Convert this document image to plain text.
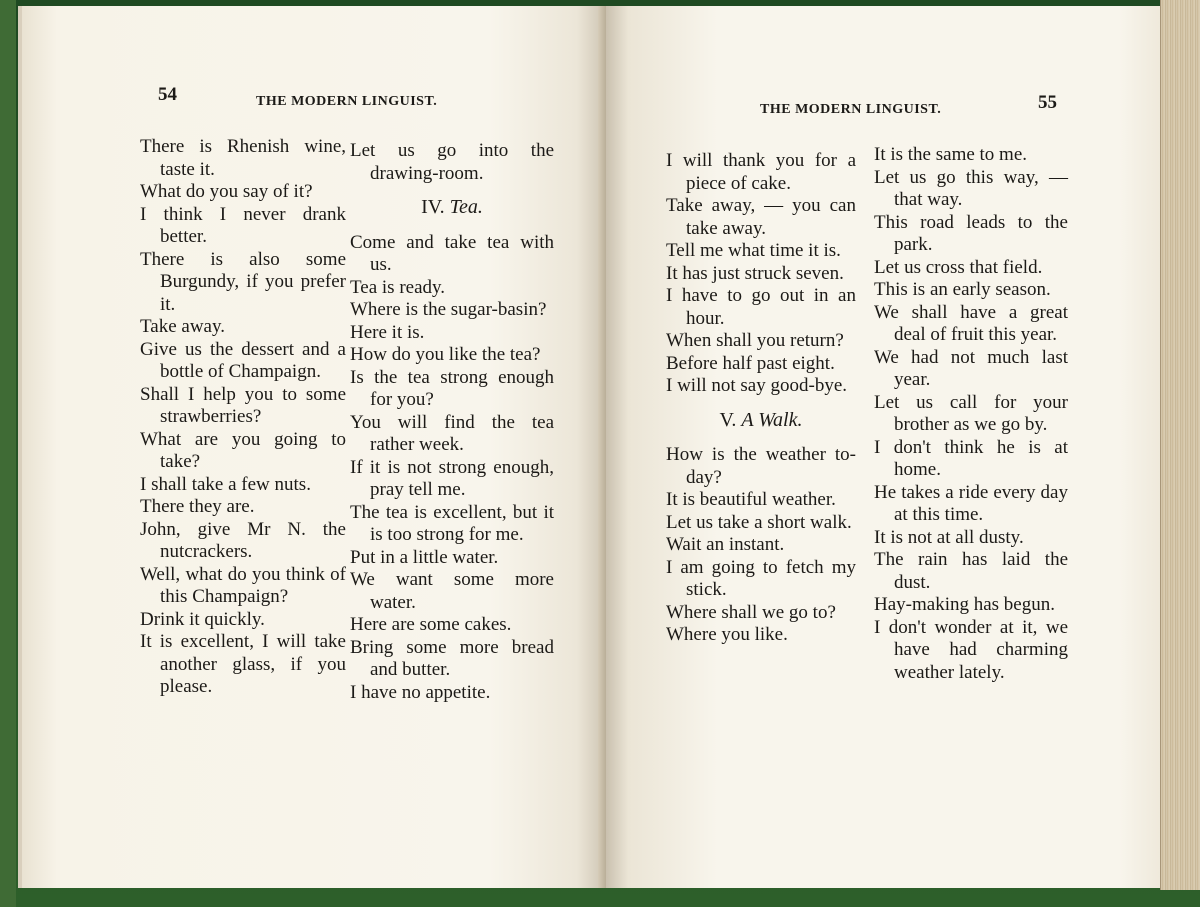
54	THE MODERN LINGUIST.

There is Rhenish wine, taste it.

What do you say of it?

I think I never drank better.

There is also some Burgundy, if you prefer it.

Take away.

Give us the dessert and a bottle of Champaign.

Shall I help you to some strawberries?

What are you going to take?

I shall take a few nuts.

There they are.

John, give Mr N. the nutcrackers.

Well, what do you think of this Champaign?

Drink it quickly.

It is excellent, I will take another glass, if you please.

Let us go into the drawing-room.

IV. Tea.

Come and take tea with us.

Tea is ready.

Where is the sugar-basin?

Here it is.

How do you like the tea?

Is the tea strong enough for you?

You will find the tea rather week.

If it is not strong enough, pray tell me.

The tea is excellent, but it is too strong for me.

Put in a little water.

We want some more water.

Here are some cakes.

Bring some more bread and butter.

I have no appetite.

THE MODERN LINGUIST.	55

I will thank you for a piece of cake.

Take away, — you can take away.

Tell me what time it is.

It has just struck seven.

I have to go out in an hour.

When shall you return?

Before half past eight.

I will not say good-bye.

V. A Walk.

How is the weather to-day?

It is beautiful weather.

Let us take a short walk.

Wait an instant.

I am going to fetch my stick.

Where shall we go to?

Where you like.

It is the same to me.

Let us go this way, —that way.

This road leads to the park.

Let us cross that field.

This is an early season.

We shall have a great deal of fruit this year.

We had not much last year.

Let us call for your brother as we go by.

I don't think he is at home.

He takes a ride every day at this time.

It is not at all dusty.

The rain has laid the dust.

Hay-making has begun.

I don't wonder at it, we have had charming weather lately.
